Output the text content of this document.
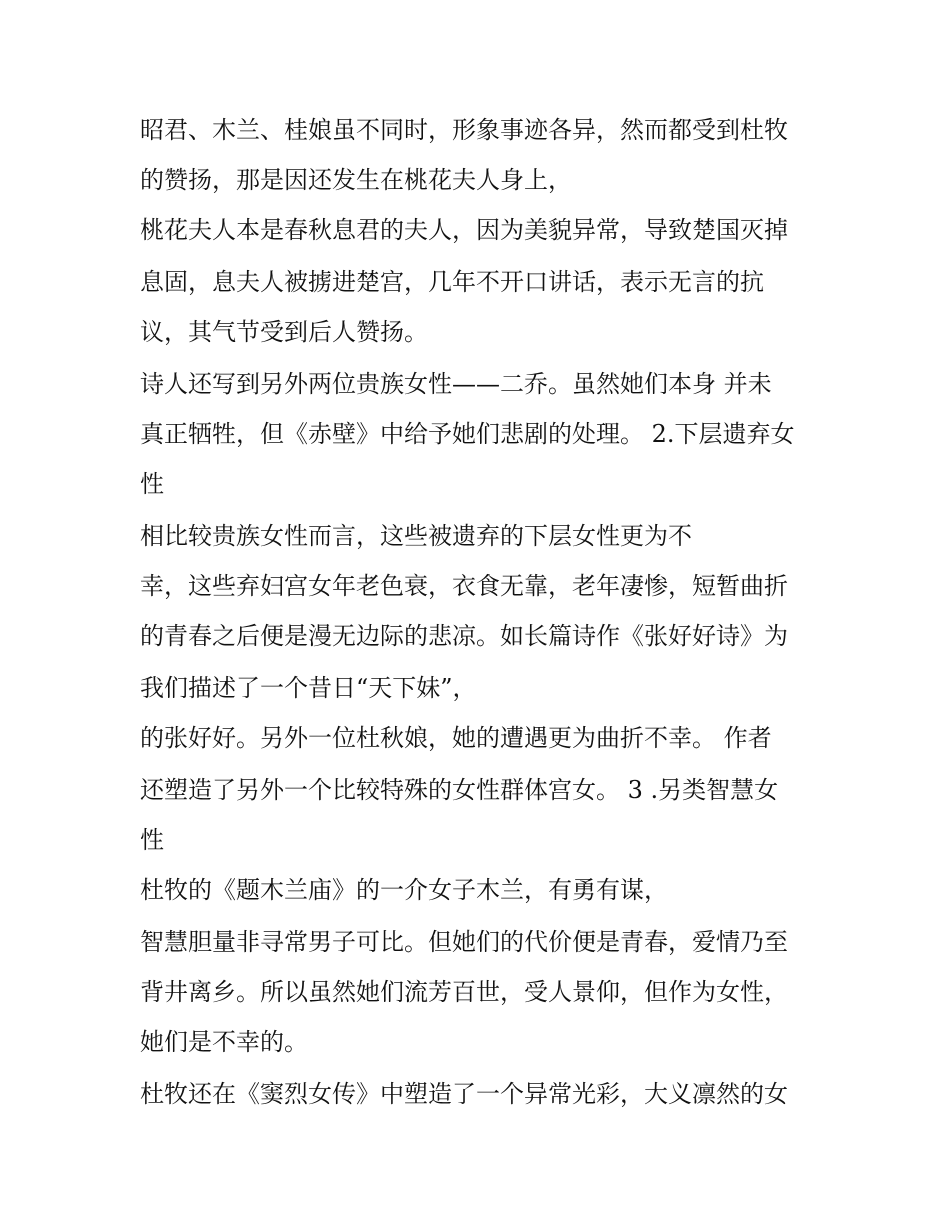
昭君、木兰、桂娘虽不同时，形象事迹各异，然而都受到杜牧
的赞扬，那是因还发生在桃花夫人身上，
桃花夫人本是春秋息君的夫人，因为美貌异常，导致楚国灭掉
息固，息夫人被掳进楚宫，几年不开口讲话，表示无言的抗
议，其气节受到后人赞扬。
诗人还写到另外两位贵族女性——二乔。虽然她们本身 并未
真正牺牲，但《赤壁》中给予她们悲剧的处理。 2.下层遗弃女
性
相比较贵族女性而言，这些被遗弃的下层女性更为不
幸，这些弃妇宫女年老色衰，衣食无靠，老年凄惨，短暂曲折
的青春之后便是漫无边际的悲凉。如长篇诗作《张好好诗》为
我们描述了一个昔日“天下妹”，
的张好好。另外一位杜秋娘，她的遭遇更为曲折不幸。 作者
还塑造了另外一个比较特殊的女性群体宫女。 3 .另类智慧女
性
杜牧的《题木兰庙》的一介女子木兰，有勇有谋，
智慧胆量非寻常男子可比。但她们的代价便是青春，爱情乃至
背井离乡。所以虽然她们流芳百世，受人景仰，但作为女性，
她们是不幸的。
杜牧还在《窦烈女传》中塑造了一个异常光彩，大义凛然的女
